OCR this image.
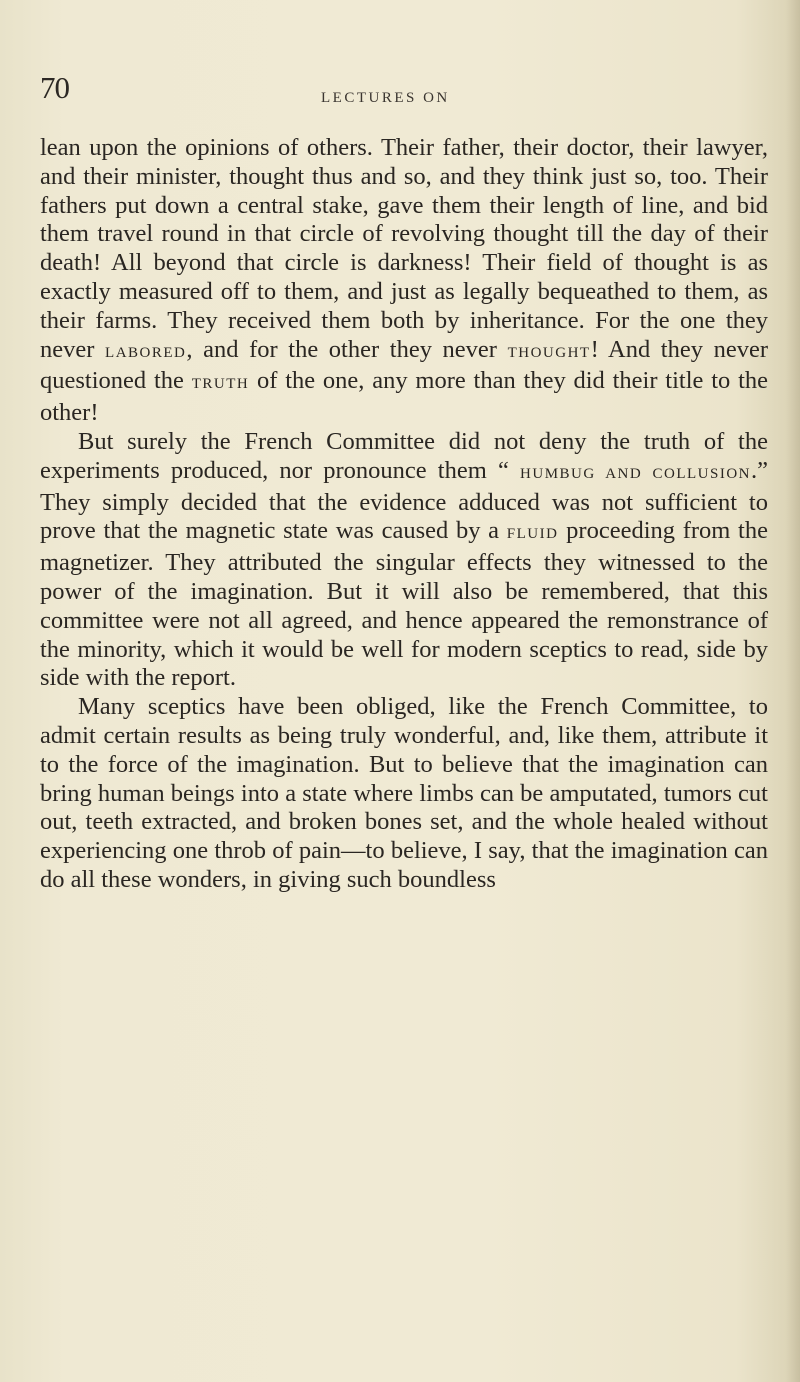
70	LECTURES ON

lean upon the opinions of others. Their father, their doctor, their lawyer, and their minister, thought thus and so, and they think just so, too. Their fathers put down a central stake, gave them their length of line, and bid them travel round in that circle of revolving thought till the day of their death! All beyond that circle is darkness! Their field of thought is as exactly measured off to them, and just as legally bequeathed to them, as their farms. They received them both by inheritance. For the one they never LABORED, and for the other they never THOUGHT! And they never questioned the TRUTH of the one, any more than they did their title to the other!

But surely the French Committee did not deny the truth of the experiments produced, nor pronounce them “ HUMBUG AND COLLUSION.” They simply decided that the evidence adduced was not sufficient to prove that the magnetic state was caused by a FLUID proceeding from the magnetizer. They attributed the singular effects they witnessed to the power of the imagination. But it will also be remembered, that this committee were not all agreed, and hence appeared the remonstrance of the minority, which it would be well for modern sceptics to read, side by side with the report.

Many sceptics have been obliged, like the French Committee, to admit certain results as being truly wonderful, and, like them, attribute it to the force of the imagination. But to believe that the imagination can bring human beings into a state where limbs can be amputated, tumors cut out, teeth extracted, and broken bones set, and the whole healed without experiencing one throb of pain—to believe, I say, that the imagination can do all these wonders, in giving such boundless
